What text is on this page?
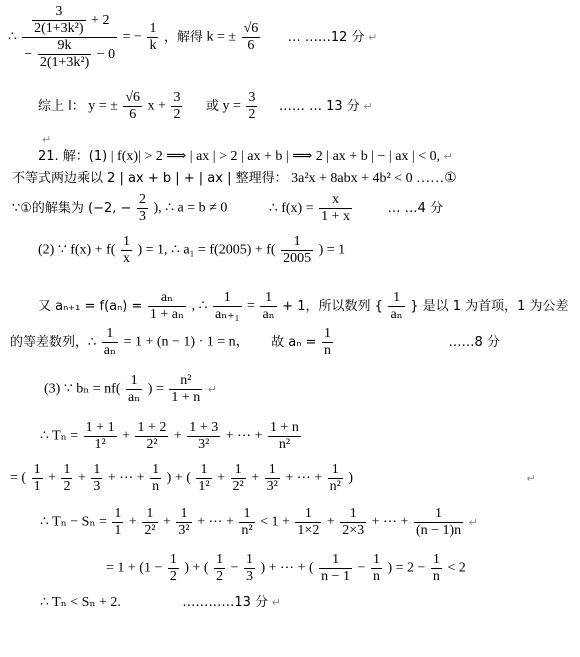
∴ $\frac{\frac{3}{\text{2(1+3k²)}} + 2}{- \frac{9k}{\text{2(1+3k²)}} - 0}$ = − $\frac{1}{k}$ ，解得 k = ± $\frac{√6}{6}$ … ……12 分 ↵
综上 l： y = ± $\frac{√6}{6}$ $x + \frac{3}{2}$ 或 $y = \frac{3}{2}$ …… … 13 分 ↵
↵
21. 解：(1) | f(x)| > 2 ⟹ | ax | > 2 | ax + b | ⟹ 2 | ax + b | − | ax | < 0, ↵
不等式两边乘以 2 | ax + b | + | ax | 整理得： 3a²x + 8abx + 4b² < 0 ……①
∵①的解集为 (−2, − $\frac{2}{3}$ ), ∴ a = b ≠ 0	∴ $f(x) = \frac{x}{1 + x}$	… …4 分
(2) ∵ $f(x) + f( \frac{1}{x}$ ) = 1, ∴ $a_1 = f(2005) + f( \frac{1}{2005}$ ) = 1
又 $a_{n+1} = f(a_n) = \frac{\text{aₙ}}{\text{1 + aₙ}}$ , ∴ $\frac{1}{\text{aₙ₊₁}} = \frac{1}{\text{aₙ}} + 1$，所以数列 { $\frac{1}{\text{aₙ}}$ } 是以 1 为首项，1 为公差
的等差数列，∴ $\frac{1}{\text{aₙ}} = 1 + (n - 1) \cdot 1 = n$， 故 $a_n = \frac{1}{n}$	……8 分
(3) ∵ $b_n = nf( \frac{1}{\text{aₙ}}$ ) = $\frac{\text{n²}}{1 + n}$ ↵
∴ $T_n = \frac{1 + 1}{\text{1²}} + \frac{1 + 2}{\text{2²}} + \frac{1 + 3}{\text{3²}}$ + ⋯ + $\frac{1 + n}{\text{n²}}$
= ( $\frac{1}{1} + \frac{1}{2} + \frac{1}{3}$ + ⋯ + $\frac{1}{n}$ ) + ( $\frac{1}{\text{1²}} + \frac{1}{\text{2²}} + \frac{1}{\text{3²}}$ + ⋯ + $\frac{1}{\text{n²}}$ )	↵
∴ $T_n - S_n = \frac{1}{1} + \frac{1}{\text{2²}} + \frac{1}{\text{3²}}$ + ⋯ + $\frac{1}{\text{n²}} < 1 + \frac{1}{1\times 2} + \frac{1}{2\times 3}$ + ⋯ + $\frac{1}{(n - 1)n}$ ↵
= $1 + (1 - \frac{1}{2}$ ) + ( $\frac{1}{2} - \frac{1}{3}$ ) + ⋯ + ( $\frac{1}{n - 1} - \frac{1}{n}$ ) = $2 - \frac{1}{n} < 2$
∴ Tₙ < Sₙ + 2.	…………13 分 ↵
